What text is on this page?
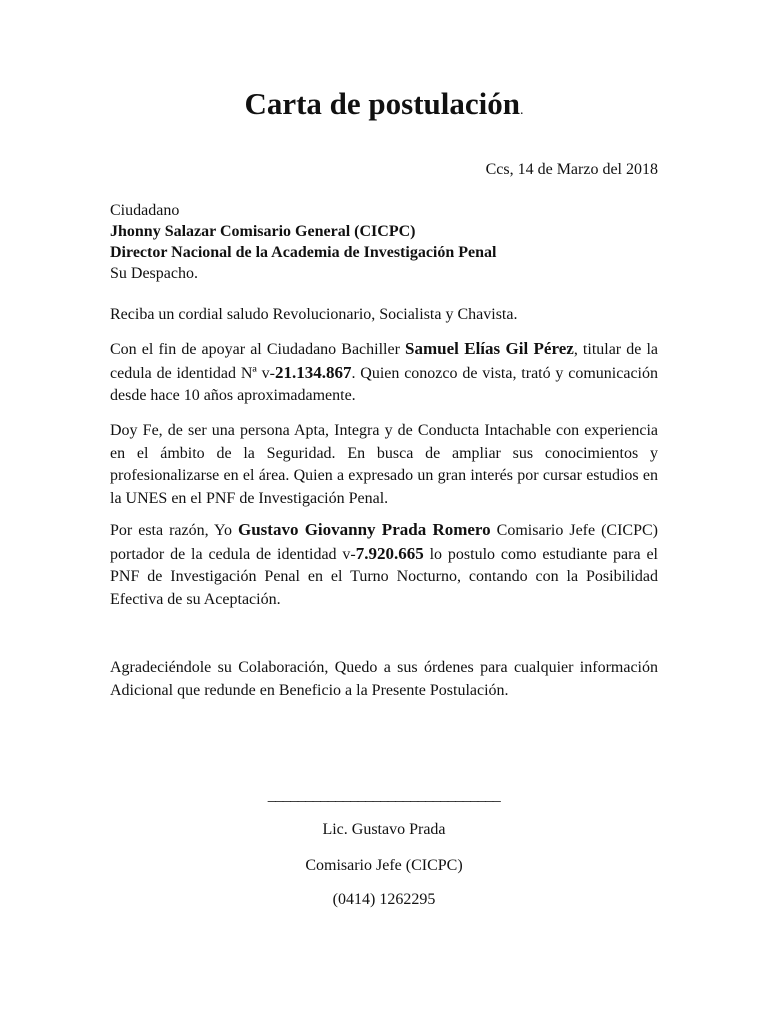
Carta de postulación.
Ccs, 14 de Marzo del 2018
Ciudadano
Jhonny Salazar Comisario General (CICPC)
Director Nacional de la Academia de Investigación Penal
Su Despacho.
Reciba un cordial saludo Revolucionario, Socialista y Chavista.
Con el fin de apoyar al Ciudadano Bachiller Samuel Elías Gil Pérez, titular de la cedula de identidad Nª v-21.134.867. Quien conozco de vista, trató y comunicación desde hace 10 años aproximadamente.
Doy Fe, de ser una persona Apta, Integra y de Conducta Intachable con experiencia en el ámbito de la Seguridad. En busca de ampliar sus conocimientos y profesionalizarse en el área. Quien a expresado un gran interés por cursar estudios en la UNES en el PNF de Investigación Penal.
Por esta razón, Yo Gustavo Giovanny Prada Romero Comisario Jefe (CICPC) portador de la cedula de identidad v-7.920.665 lo postulo como estudiante para el PNF de Investigación Penal en el Turno Nocturno, contando con la Posibilidad Efectiva de su Aceptación.
Agradeciéndole su Colaboración, Quedo a sus órdenes para cualquier información Adicional que redunde en Beneficio a la Presente Postulación.
_______________________________
Lic. Gustavo Prada
Comisario Jefe (CICPC)
(0414) 1262295
